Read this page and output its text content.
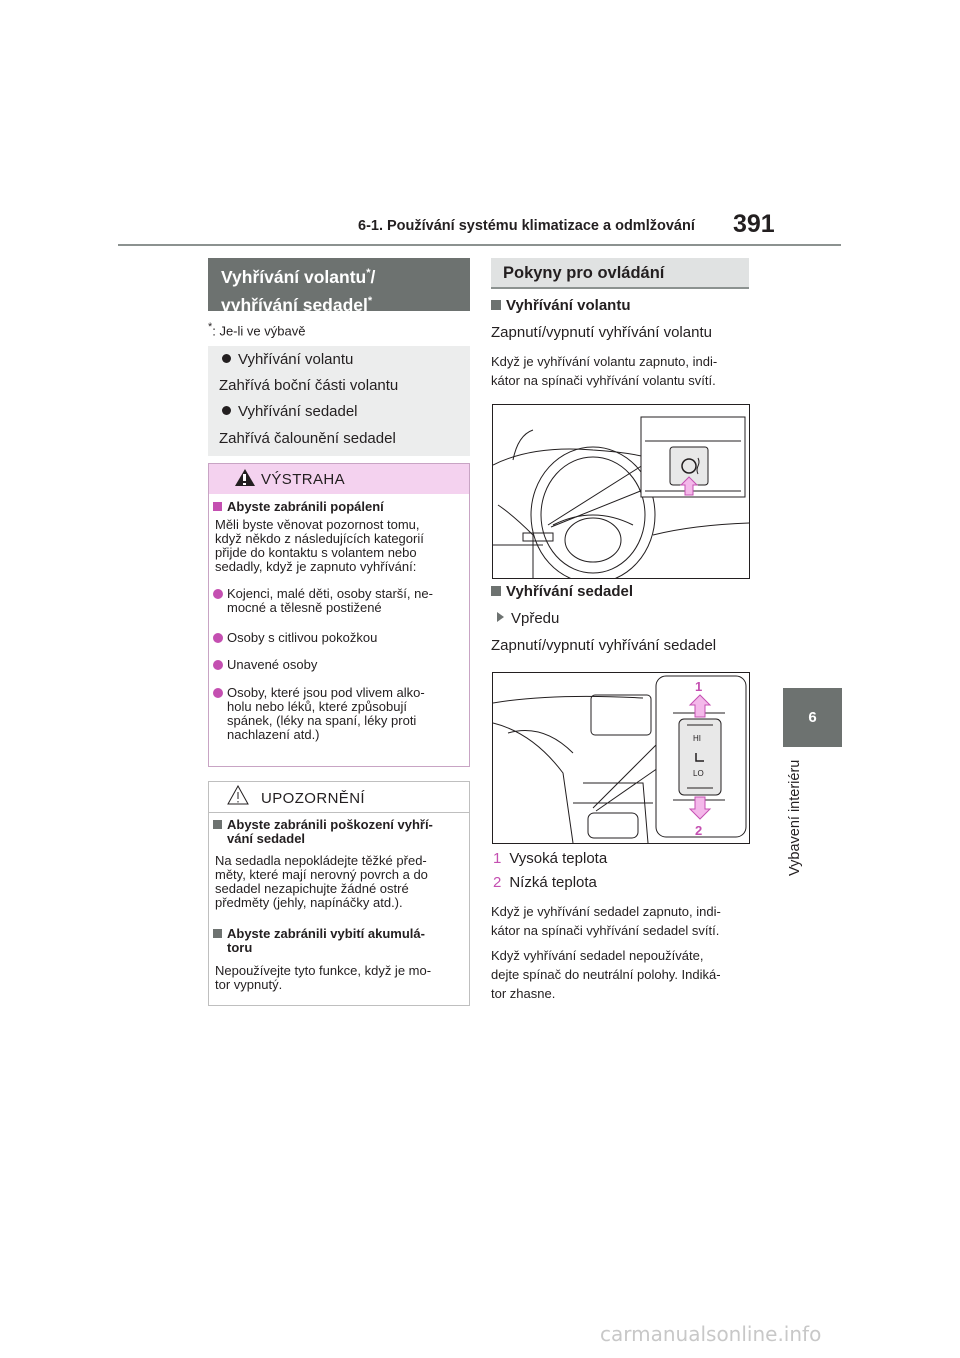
6-1. Používání systému klimatizace a odmlžování 391
6
Vybavení interiéru
Vyhřívání volantu*/
vyhřívání sedadel*
*: Je-li ve výbavě
Vyhřívání volantu
Zahřívá boční části volantu
Vyhřívání sedadel
Zahřívá čalounění sedadel
VÝSTRAHA
Abyste zabránili popálení
Měli byste věnovat pozornost tomu,
když někdo z následujících kategorií
přijde do kontaktu s volantem nebo
sedadly, když je zapnuto vyhřívání:
Kojenci, malé děti, osoby starší, ne-
mocné a tělesně postižené
Osoby s citlivou pokožkou
Unavené osoby
Osoby, které jsou pod vlivem alko-
holu nebo léků, které způsobují
spánek, (léky na spaní, léky proti
nachlazení atd.)
UPOZORNĚNÍ
Abyste zabránili poškození vyhří-
vání sedadel
Na sedadla nepokládejte těžké před-
měty, které mají nerovný povrch a do
sedadel nezapichujte žádné ostré
předměty (jehly, napínáčky atd.).
Abyste zabránili vybití akumulá-
toru
Nepoužívejte tyto funkce, když je mo-
tor vypnutý.
Pokyny pro ovládání
Vyhřívání volantu
Zapnutí/vypnutí vyhřívání volantu
Když je vyhřívání volantu zapnuto, indi-
kátor na spínači vyhřívání volantu svítí.
Vyhřívání sedadel
Vpředu
Zapnutí/vypnutí vyhřívání sedadel
HI
LO
1
2
1 Vysoká teplota
2 Nízká teplota
Když je vyhřívání sedadel zapnuto, indi-
kátor na spínači vyhřívání sedadel svítí.
Když vyhřívání sedadel nepoužíváte,
dejte spínač do neutrální polohy. Indiká-
tor zhasne.
carmanualsonline.info
